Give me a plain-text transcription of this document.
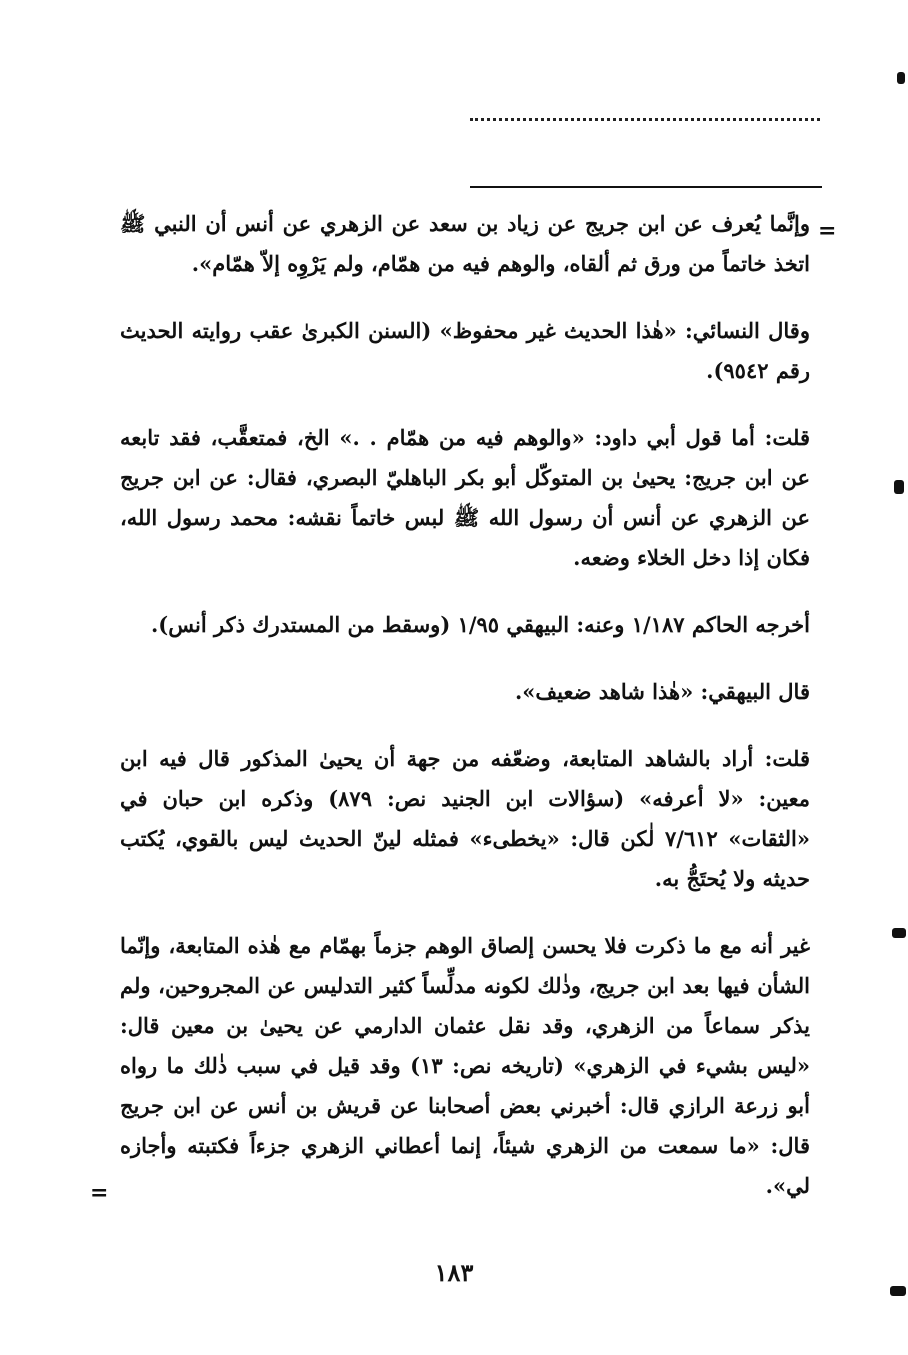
=

وإنَّما يُعرف عن ابن جريج عن زياد بن سعد عن الزهري عن أنس أن النبي ﷺ اتخذ خاتماً من ورق ثم ألقاه، والوهم فيه من همّام، ولم يَرْوِه إلاّ همّام».

وقال النسائي: «هٰذا الحديث غير محفوظ» (السنن الكبرىٰ عقب روايته الحديث رقم ٩٥٤٢).

قلت: أما قول أبي داود: «والوهم فيه من همّام . .» الخ، فمتعقَّب، فقد تابعه عن ابن جريج: يحيىٰ بن المتوكّل أبو بكر الباهليّ البصري، فقال: عن ابن جريج عن الزهري عن أنس أن رسول الله ﷺ لبس خاتماً نقشه: محمد رسول الله، فكان إذا دخل الخلاء وضعه.

أخرجه الحاكم ١/١٨٧ وعنه: البيهقي ١/٩٥ (وسقط من المستدرك ذكر أنس).

قال البيهقي: «هٰذا شاهد ضعيف».

قلت: أراد بالشاهد المتابعة، وضعّفه من جهة أن يحيىٰ المذكور قال فيه ابن معين: «لا أعرفه» (سؤالات ابن الجنيد نص: ٨٧٩) وذكره ابن حبان في «الثقات» ٧/٦١٢ لٰكن قال: «يخطىء» فمثله لينّ الحديث ليس بالقوي، يُكتب حديثه ولا يُحتَجُّ به.

غير أنه مع ما ذكرت فلا يحسن إلصاق الوهم جزماً بهمّام مع هٰذه المتابعة، وإنّما الشأن فيها بعد ابن جريج، وذٰلك لكونه مدلِّساً كثير التدليس عن المجروحين، ولم يذكر سماعاً من الزهري، وقد نقل عثمان الدارمي عن يحيىٰ بن معين قال: «ليس بشيء في الزهري» (تاريخه نص: ١٣) وقد قيل في سبب ذٰلك ما رواه أبو زرعة الرازي قال: أخبرني بعض أصحابنا عن قريش بن أنس عن ابن جريج قال: «ما سمعت من الزهري شيئاً، إنما أعطاني الزهري جزءاً فكتبته وأجازه لي».

=
١٨٣
